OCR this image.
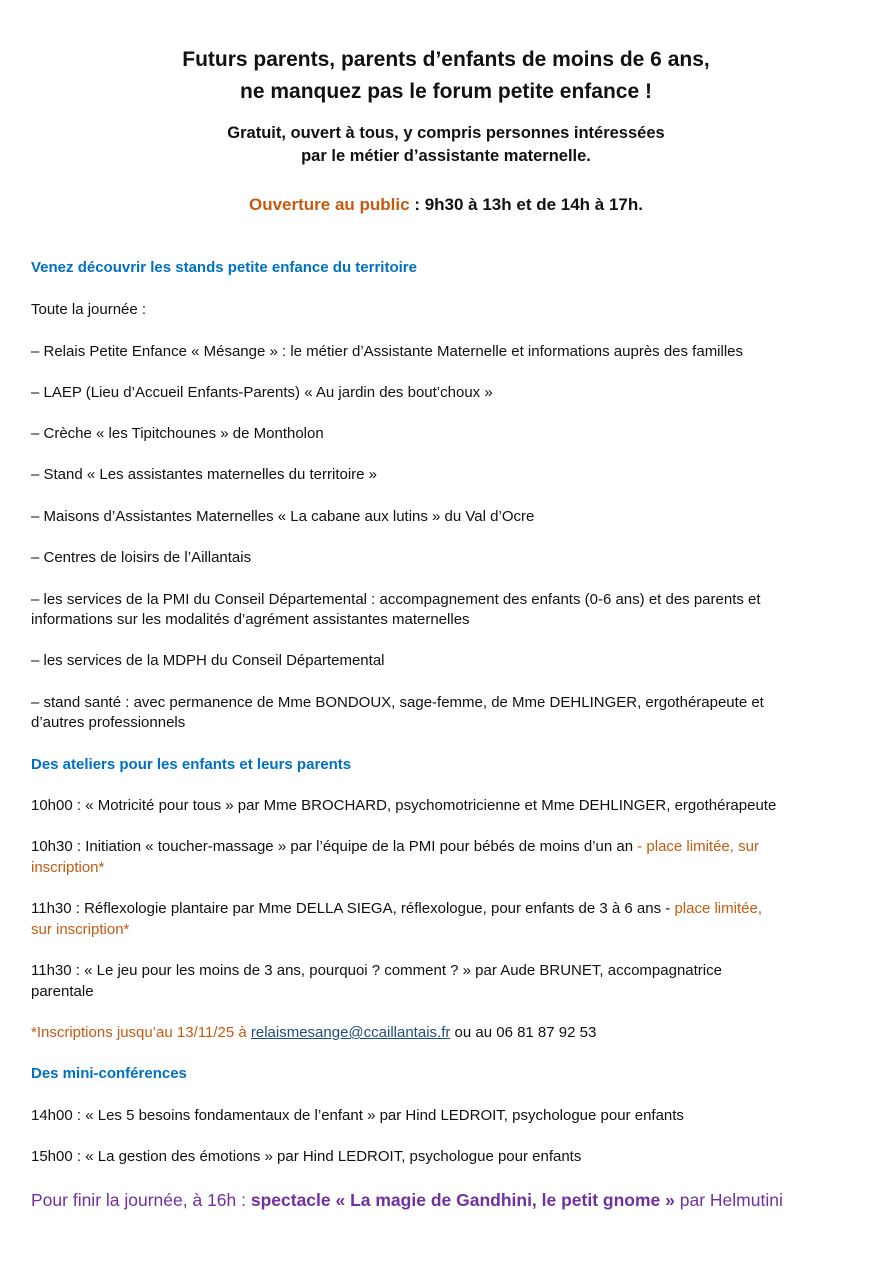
Futurs parents, parents d’enfants de moins de 6 ans,
ne manquez pas le forum petite enfance !
Gratuit, ouvert à tous, y compris personnes intéressées
par le métier d’assistante maternelle.
Ouverture au public : 9h30 à 13h et de 14h à 17h.
Venez découvrir les stands petite enfance du territoire
Toute la journée :
– Relais Petite Enfance « Mésange » : le métier d’Assistante Maternelle et informations auprès des familles
– LAEP (Lieu d’Accueil Enfants-Parents) « Au jardin des bout’choux »
– Crèche « les Tipitchounes » de Montholon
– Stand « Les assistantes maternelles du territoire »
– Maisons d’Assistantes Maternelles « La cabane aux lutins » du Val d’Ocre
– Centres de loisirs de l’Aillantais
– les services de la PMI du Conseil Départemental : accompagnement des enfants (0-6 ans) et des parents et
informations sur les modalités d’agrément assistantes maternelles
– les services de la MDPH du Conseil Départemental
– stand santé : avec permanence de Mme BONDOUX, sage-femme, de Mme DEHLINGER, ergothérapeute et
d’autres professionnels
Des ateliers pour les enfants et leurs parents
10h00 : « Motricité pour tous » par Mme BROCHARD, psychomotricienne et Mme DEHLINGER, ergothérapeute
10h30 : Initiation « toucher-massage » par l’équipe de la PMI pour bébés de moins d’un an - place limitée, sur
inscription*
11h30 : Réflexologie plantaire par Mme DELLA SIEGA, réflexologue, pour enfants de 3 à 6 ans - place limitée,
sur inscription*
11h30 : « Le jeu pour les moins de 3 ans, pourquoi ? comment ? » par Aude BRUNET, accompagnatrice
parentale
*Inscriptions jusqu’au 13/11/25 à relaismesange@ccaillantais.fr ou au 06 81 87 92 53
Des mini-conférences
14h00 : « Les 5 besoins fondamentaux de l’enfant » par Hind LEDROIT, psychologue pour enfants
15h00 : « La gestion des émotions » par Hind LEDROIT, psychologue pour enfants
Pour finir la journée, à 16h : spectacle « La magie de Gandhini, le petit gnome » par Helmutini
